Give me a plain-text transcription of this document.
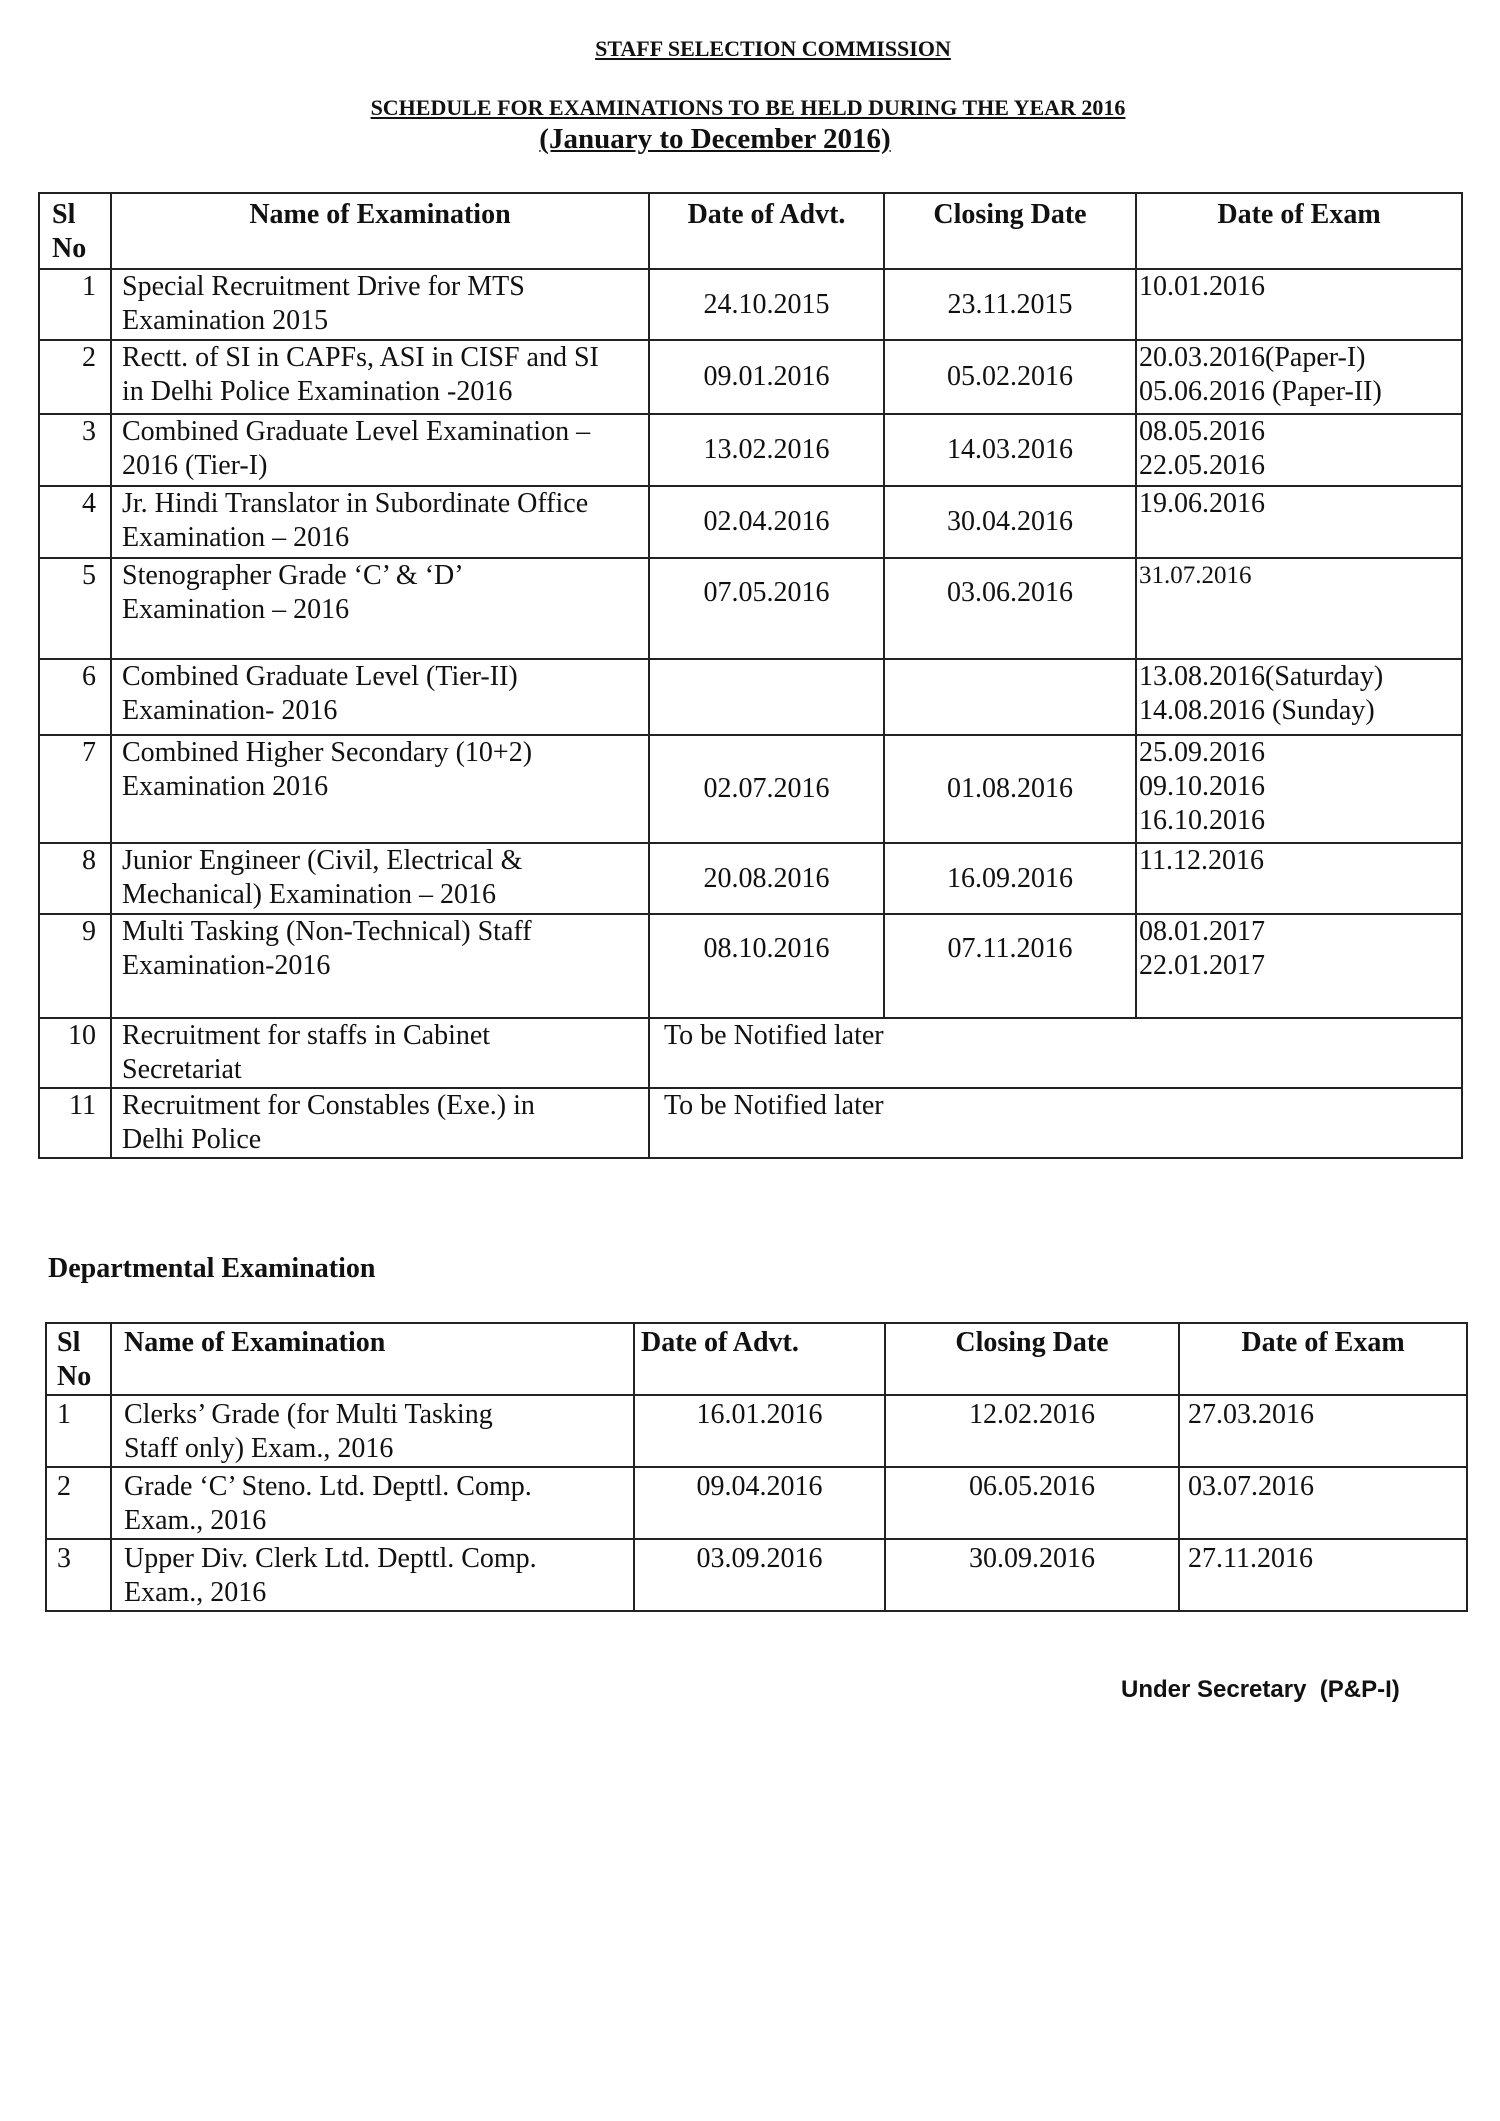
STAFF SELECTION COMMISSION
SCHEDULE FOR EXAMINATIONS TO BE HELD DURING THE YEAR 2016
(January to December 2016)
Sl
No	Name of Examination	Date of Advt.	Closing Date	Date of Exam
1	Special Recruitment Drive for MTS
Examination 2015	24.10.2015	23.11.2015	10.01.2016

2	Rectt. of SI in CAPFs, ASI in CISF and SI
in Delhi Police Examination -2016	09.01.2016	05.02.2016	20.03.2016(Paper-I)
05.06.2016 (Paper-II)

3	Combined Graduate Level Examination –
2016 (Tier-I)	13.02.2016	14.03.2016	08.05.2016
22.05.2016

4	Jr. Hindi Translator in Subordinate Office
Examination – 2016	02.04.2016	30.04.2016	19.06.2016

5	Stenographer Grade ‘C’ & ‘D’
Examination – 2016	07.05.2016	03.06.2016	31.07.2016

6	Combined Graduate Level (Tier-II)
Examination- 2016			13.08.2016(Saturday)
14.08.2016 (Sunday)

7	Combined Higher Secondary (10+2)
Examination 2016	02.07.2016	01.08.2016	25.09.2016
09.10.2016
16.10.2016

8	Junior Engineer (Civil, Electrical &
Mechanical) Examination – 2016	20.08.2016	16.09.2016	11.12.2016

9	Multi Tasking (Non-Technical) Staff
Examination-2016	08.10.2016	07.11.2016	08.01.2017
22.01.2017

10	Recruitment for staffs in Cabinet
Secretariat	To be Notified later		
11	Recruitment for Constables (Exe.) in
Delhi Police	To be Notified later		
Departmental Examination
Sl
No	Name of Examination	Date of Advt.	Closing Date	Date of Exam
1	Clerks’ Grade (for Multi Tasking
Staff only) Exam., 2016	16.01.2016	12.02.2016	27.03.2016
2	Grade ‘C’ Steno. Ltd. Depttl. Comp.
Exam., 2016	09.04.2016	06.05.2016	03.07.2016
3	Upper Div. Clerk Ltd. Depttl. Comp.
Exam., 2016	03.09.2016	30.09.2016	27.11.2016
Under Secretary  (P&P-I)
